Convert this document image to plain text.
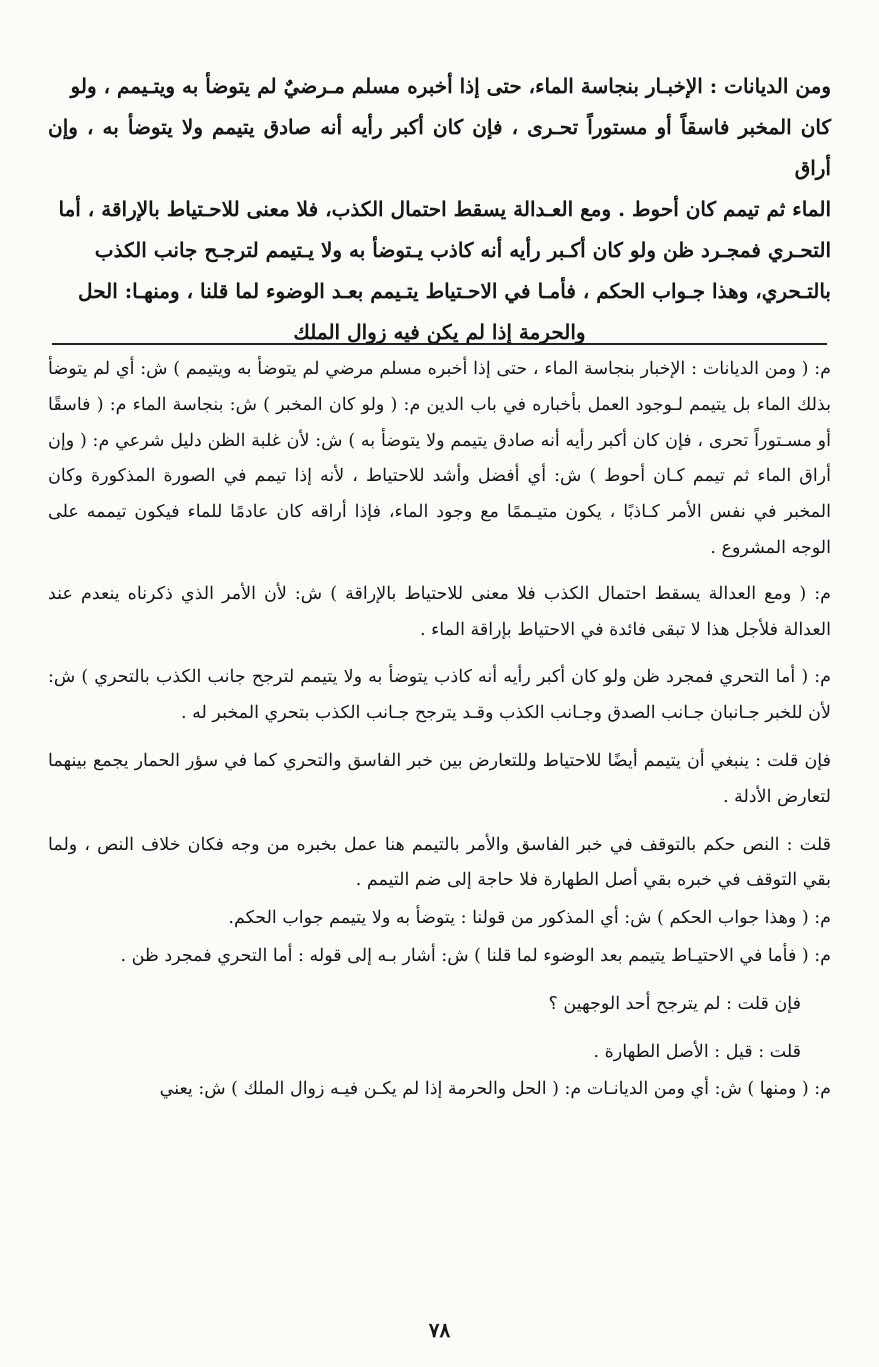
ومن الديانات : الإخبـار بنجاسة الماء، حتى إذا أخبره مسلم مـرضيٌ لم يتوضأ به ويتـيمم ، ولو
كان المخبر فاسقاً أو مستوراً تحـرى ، فإن كان أكبر رأيه أنه صادق يتيمم ولا يتوضأ به ، وإن أراق
الماء ثم تيمم كان أحوط . ومع العـدالة يسقط احتمال الكذب، فلا معنى للاحـتياط بالإراقة ، أما
التحـري فمجـرد ظن ولو كان أكـبر رأيه أنه كاذب يـتوضأ به ولا يـتيمم لترجـح جانب الكذب
بالتـحري، وهذا جـواب الحكم ، فأمـا في الاحـتياط يتـيمم بعـد الوضوء لما قلنا ، ومنهـا: الحل
والحرمة إذا لم يكن فيه زوال الملك

م: ( ومن الديانات : الإخبار بنجاسة الماء ، حتى إذا أخبره مسلم مرضي لم يتوضأ به ويتيمم ) ش: أي لم يتوضأ بذلك الماء بل يتيمم لـوجود العمل بأخباره في باب الدين م: ( ولو كان المخبر ) ش: بنجاسة الماء م: ( فاسقًا أو مسـتوراً تحرى ، فإن كان أكبر رأيه أنه صادق يتيمم ولا يتوضأ به ) ش: لأن غلبة الظن دليل شرعي م: ( وإن أراق الماء ثم تيمم كـان أحوط ) ش: أي أفضل وأشد للاحتياط ، لأنه إذا تيمم في الصورة المذكورة وكان المخبر في نفس الأمر كـاذبًا ، يكون متيـممًا مع وجود الماء، فإذا أراقه كان عادمًا للماء فيكون تيممه على الوجه المشروع .

م: ( ومع العدالة يسقط احتمال الكذب فلا معنى للاحتياط بالإراقة ) ش: لأن الأمر الذي ذكرناه ينعدم عند العدالة فلأجل هذا لا تبقى فائدة في الاحتياط بإراقة الماء .

م: ( أما التحري فمجرد ظن ولو كان أكبر رأيه أنه كاذب يتوضأ به ولا يتيمم لترجح جانب الكذب بالتحري ) ش: لأن للخبر جـانبان جـانب الصدق وجـانب الكذب وقـد يترجح جـانب الكذب بتحري المخبر له .

فإن قلت : ينبغي أن يتيمم أيضًا للاحتياط وللتعارض بين خبر الفاسق والتحري كما في سؤر الحمار يجمع بينهما لتعارض الأدلة .

قلت : النص حكم بالتوقف في خبر الفاسق والأمر بالتيمم هنا عمل بخبره من وجه فكان خلاف النص ، ولما بقي التوقف في خبره بقي أصل الطهارة فلا حاجة إلى ضم التيمم .

م: ( وهذا جواب الحكم ) ش: أي المذكور من قولنا : يتوضأ به ولا يتيمم جواب الحكم.

م: ( فأما في الاحتيـاط يتيمم بعد الوضوء لما قلنا ) ش: أشار بـه إلى قوله : أما التحري فمجرد ظن .

فإن قلت : لم يترجح أحد الوجهين ؟

قلت : قيل : الأصل الطهارة .

م: ( ومنها ) ش: أي ومن الديانـات م: ( الحل والحرمة إذا لم يكـن فيـه زوال الملك ) ش: يعني

٧٨
